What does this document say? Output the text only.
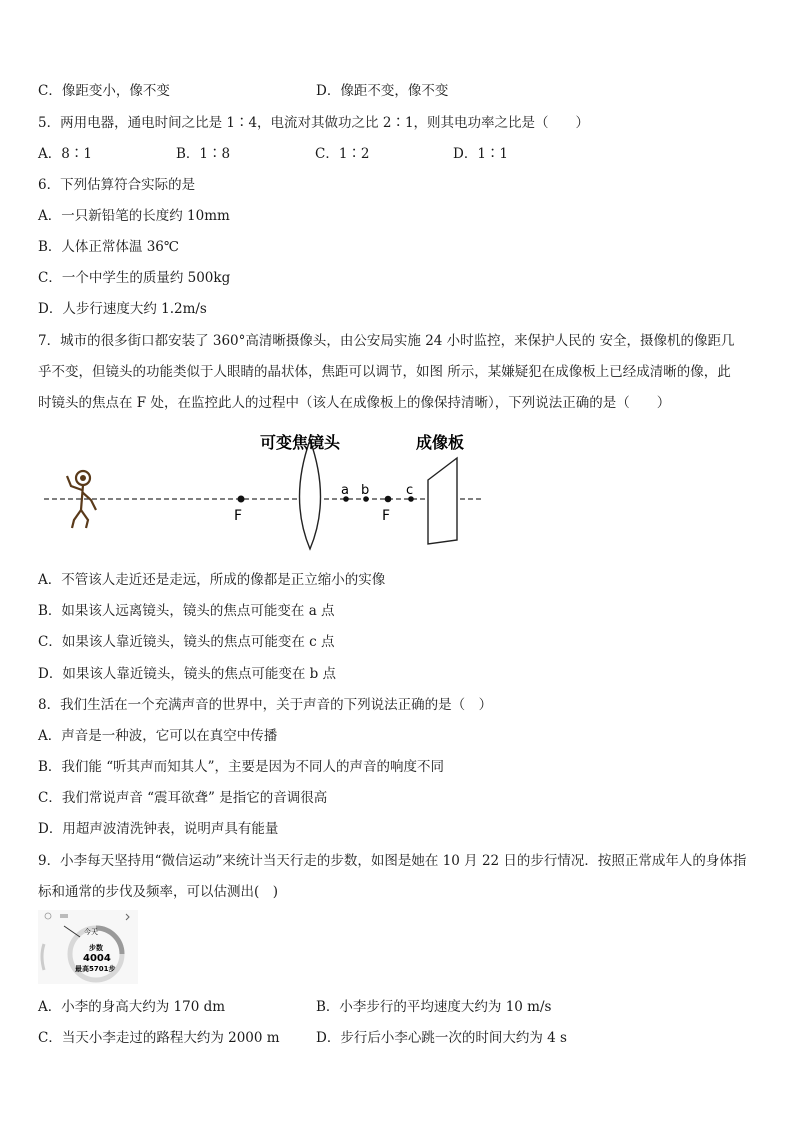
C．像距变小，像不变	D．像距不变，像不变
5．两用电器，通电时间之比是 1∶4，电流对其做功之比 2∶1，则其电功率之比是（　　）
A．8∶1	B．1∶8	C．1∶2	D．1∶1
6．下列估算符合实际的是
A．一只新铅笔的长度约 10mm
B．人体正常体温 36℃
C．一个中学生的质量约 500kg
D．人步行速度大约 1.2m/s
7．城市的很多街口都安装了 360°高清晰摄像头，由公安局实施 24 小时监控，来保护人民的 安全，摄像机的像距几
乎不变，但镜头的功能类似于人眼睛的晶状体，焦距可以调节，如图 所示，某嫌疑犯在成像板上已经成清晰的像，此
时镜头的焦点在 F 处，在监控此人的过程中（该人在成像板上的像保持清晰），下列说法正确的是（　　）
F
可变焦镜头
a b
F
c
成像板
A．不管该人走近还是走远，所成的像都是正立缩小的实像
B．如果该人远离镜头，镜头的焦点可能变在 a 点
C．如果该人靠近镜头，镜头的焦点可能变在 c 点
D．如果该人靠近镜头，镜头的焦点可能变在 b 点
8．我们生活在一个充满声音的世界中，关于声音的下列说法正确的是（　）
A．声音是一种波，它可以在真空中传播
B．我们能 “听其声而知其人”，主要是因为不同人的声音的响度不同
C．我们常说声音 “震耳欲聋” 是指它的音调很高
D．用超声波清洗钟表，说明声具有能量
9．小李每天坚持用“微信运动”来统计当天行走的步数，如图是她在 10 月 22 日的步行情况．按照正常成年人的身体指
标和通常的步伐及频率，可以估测出(　)
今天
步数
4004
最高5701步
A．小李的身高大约为 170 dm	B．小李步行的平均速度大约为 10 m/s
C．当天小李走过的路程大约为 2000 m	D．步行后小李心跳一次的时间大约为 4 s
